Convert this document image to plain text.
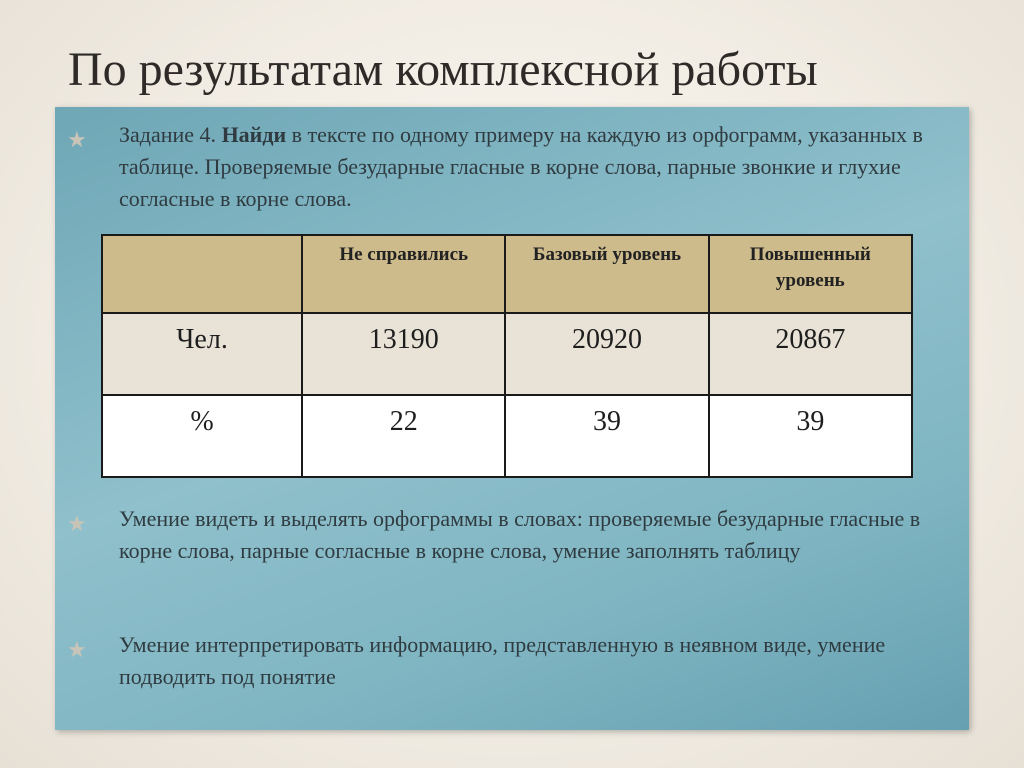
По результатам комплексной работы
★ Задание 4. Найди в тексте по одному примеру на каждую из орфограмм, указанных в таблице. Проверяемые безударные гласные в корне слова, парные звонкие и глухие согласные в корне слова.

	Не справились	Базовый уровень	Повышенный уровень

Чел.	13190	20920	20867
%	22	39	39
★ Умение видеть и выделять орфограммы в словах: проверяемые безударные гласные в корне слова, парные согласные в корне слова, умение заполнять таблицу

★ Умение интерпретировать информацию, представленную в неявном виде, умение подводить под понятие
